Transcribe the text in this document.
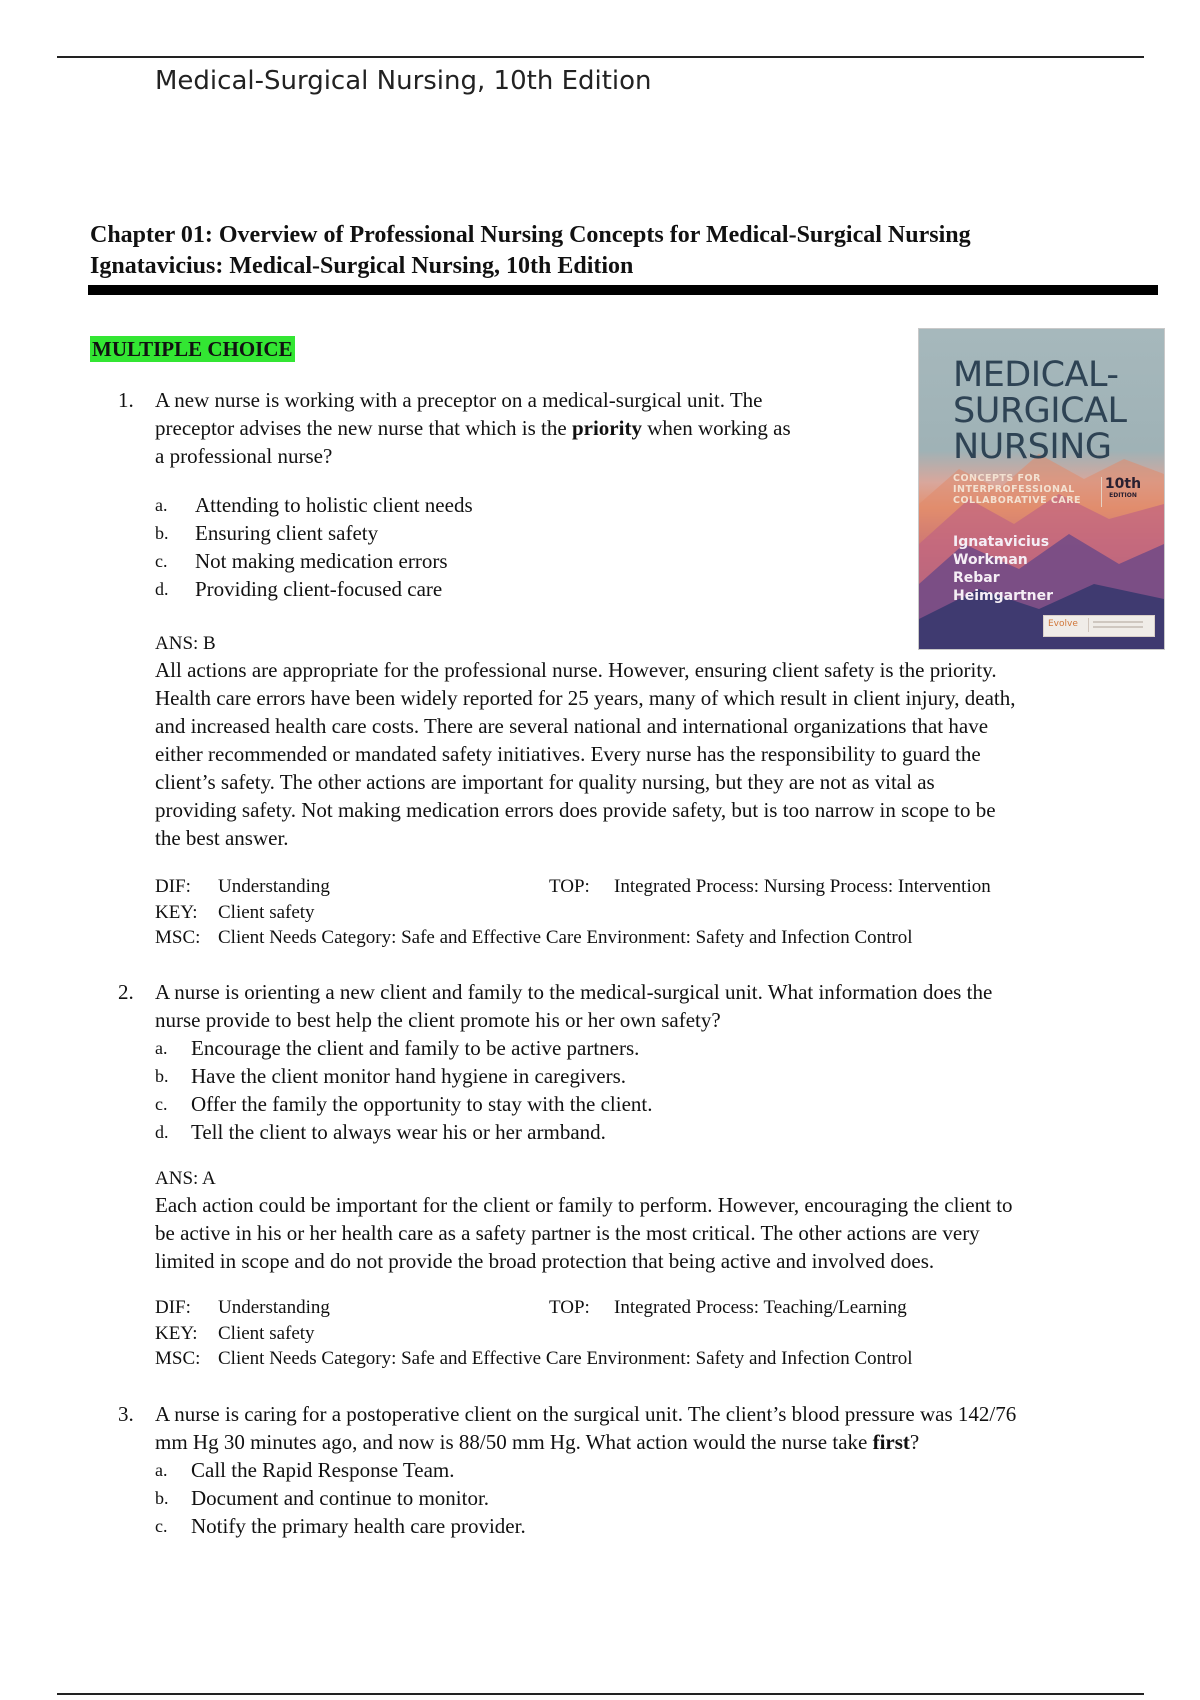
Medical-Surgical Nursing, 10th Edition
Chapter 01: Overview of Professional Nursing Concepts for Medical-Surgical Nursing
Ignatavicius: Medical-Surgical Nursing, 10th Edition
MULTIPLE CHOICE
MEDICAL-
SURGICAL
NURSING
CONCEPTS FOR
INTERPROFESSIONAL
COLLABORATIVE CARE
10th
EDITION
Ignatavicius
Workman
Rebar
Heimgartner
Evolve
1. A new nurse is working with a preceptor on a medical-surgical unit. The
preceptor advises the new nurse that which is the priority when working as
a professional nurse?
a. Attending to holistic client needs
b. Ensuring client safety
c. Not making medication errors
d. Providing client-focused care
ANS: B
All actions are appropriate for the professional nurse. However, ensuring client safety is the priority.
Health care errors have been widely reported for 25 years, many of which result in client injury, death,
and increased health care costs. There are several national and international organizations that have
either recommended or mandated safety initiatives. Every nurse has the responsibility to guard the
client’s safety. The other actions are important for quality nursing, but they are not as vital as
providing safety. Not making medication errors does provide safety, but is too narrow in scope to be
the best answer.
DIF: Understanding	TOP: Integrated Process: Nursing Process: Intervention
KEY: Client safety
MSC: Client Needs Category: Safe and Effective Care Environment: Safety and Infection Control
2. A nurse is orienting a new client and family to the medical-surgical unit. What information does the
nurse provide to best help the client promote his or her own safety?
a. Encourage the client and family to be active partners.
b. Have the client monitor hand hygiene in caregivers.
c. Offer the family the opportunity to stay with the client.
d. Tell the client to always wear his or her armband.
ANS: A
Each action could be important for the client or family to perform. However, encouraging the client to
be active in his or her health care as a safety partner is the most critical. The other actions are very
limited in scope and do not provide the broad protection that being active and involved does.
DIF: Understanding	TOP: Integrated Process: Teaching/Learning
KEY: Client safety
MSC: Client Needs Category: Safe and Effective Care Environment: Safety and Infection Control
3. A nurse is caring for a postoperative client on the surgical unit. The client’s blood pressure was 142/76
mm Hg 30 minutes ago, and now is 88/50 mm Hg. What action would the nurse take first?
a. Call the Rapid Response Team.
b. Document and continue to monitor.
c. Notify the primary health care provider.
